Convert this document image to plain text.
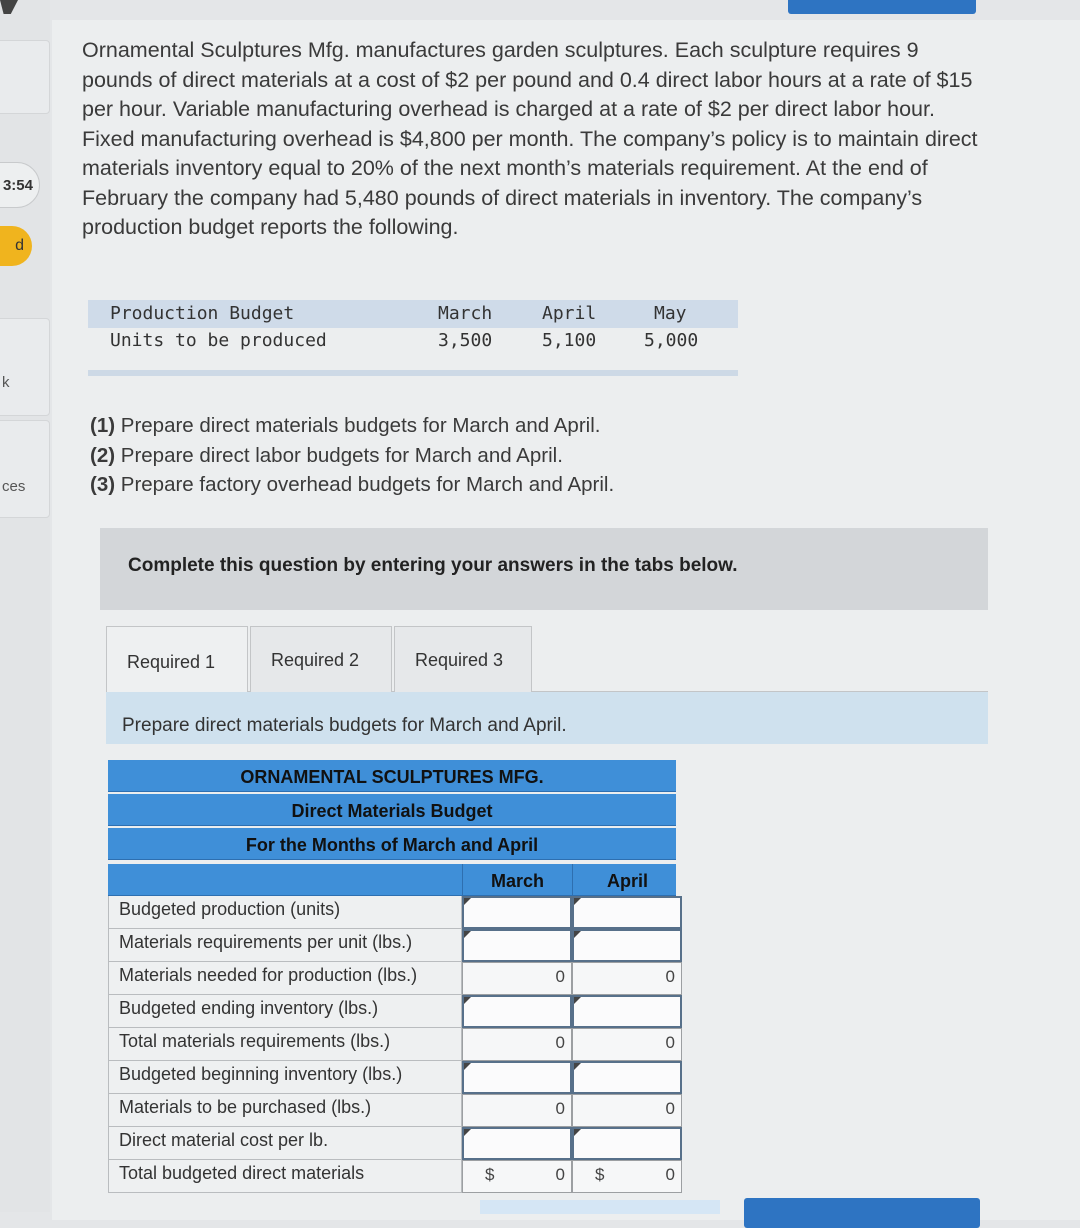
3:54
d
k
ces

Ornamental Sculptures Mfg. manufactures garden sculptures. Each sculpture requires 9 pounds of direct materials at a cost of $2 per pound and 0.4 direct labor hours at a rate of $15 per hour. Variable manufacturing overhead is charged at a rate of $2 per direct labor hour. Fixed manufacturing overhead is $4,800 per month. The company’s policy is to maintain direct materials inventory equal to 20% of the next month’s materials requirement. At the end of February the company had 5,480 pounds of direct materials in inventory. The company’s production budget reports the following.

Production Budget	March	April	May
Units to be produced	3,500	5,100	5,000
(1) Prepare direct materials budgets for March and April.
(2) Prepare direct labor budgets for March and April.
(3) Prepare factory overhead budgets for March and April.
Complete this question by entering your answers in the tabs below.
Required 1	Required 2	Required 3
Prepare direct materials budgets for March and April.
ORNAMENTAL SCULPTURES MFG.
Direct Materials Budget
For the Months of March and April
March	April
Budgeted production (units)
Materials requirements per unit (lbs.)
Materials needed for production (lbs.)	0	0
Budgeted ending inventory (lbs.)
Total materials requirements (lbs.)	0	0
Budgeted beginning inventory (lbs.)
Materials to be purchased (lbs.)	0	0
Direct material cost per lb.
Total budgeted direct materials	$	0 $	0
